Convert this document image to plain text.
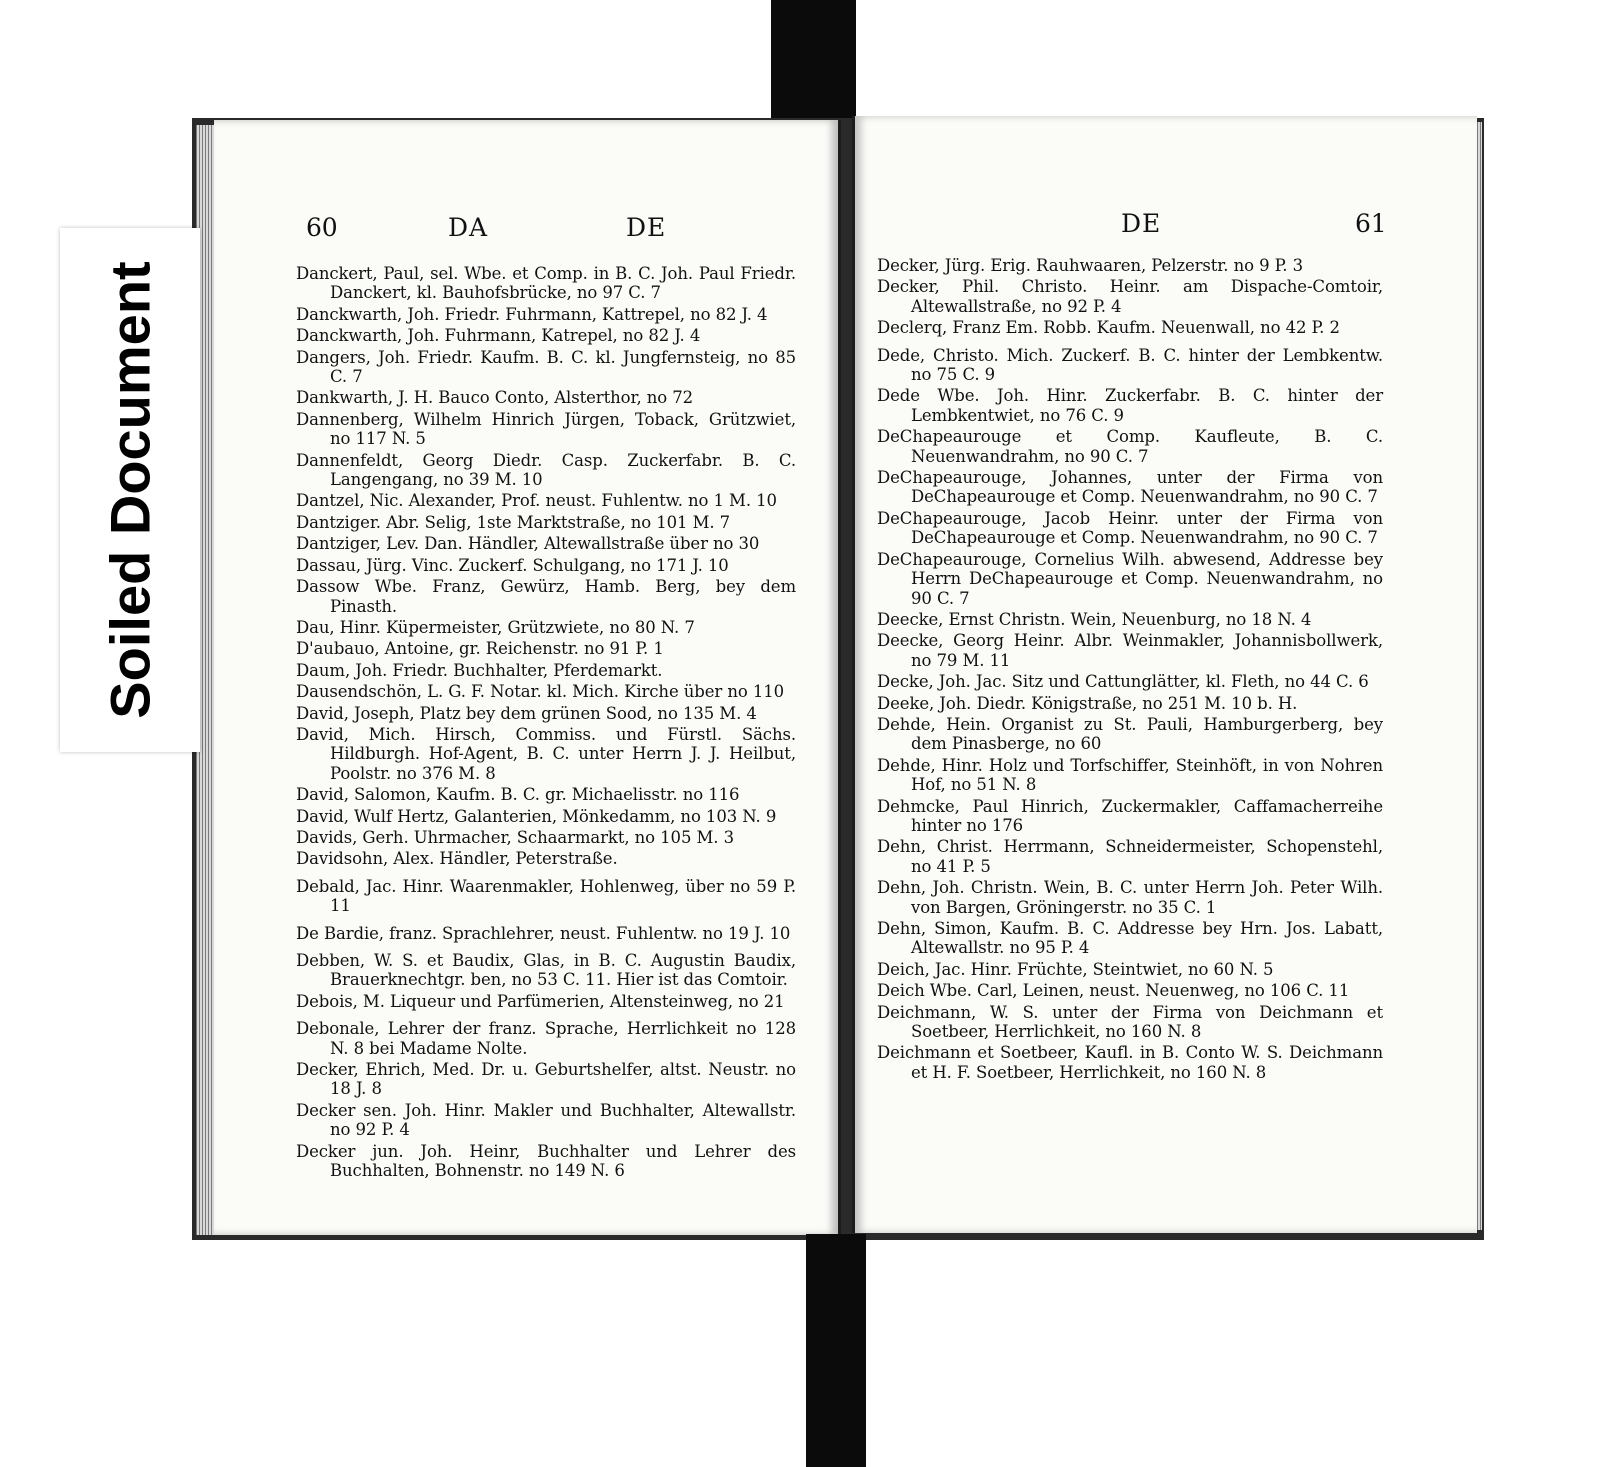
60	DA	DE
Danckert, Paul, sel. Wbe. et Comp. in B. C. Joh. Paul Friedr. Danckert, kl. Bauhofsbrücke, no 97 C. 7
Danckwarth, Joh. Friedr. Fuhrmann, Kattrepel, no 82 J. 4
Danckwarth, Joh. Fuhrmann, Katrepel, no 82 J. 4
Dangers, Joh. Friedr. Kaufm. B. C. kl. Jungfernsteig, no 85 C. 7
Dankwarth, J. H. Bauco Conto, Alsterthor, no 72
Dannenberg, Wilhelm Hinrich Jürgen, Toback, Grützwiet, no 117 N. 5
Dannenfeldt, Georg Diedr. Casp. Zuckerfabr. B. C. Langengang, no 39 M. 10
Dantzel, Nic. Alexander, Prof. neust. Fuhlentw. no 1 M. 10
Dantziger. Abr. Selig, 1ste Marktstraße, no 101 M. 7
Dantziger, Lev. Dan. Händler, Altewallstraße über no 30
Dassau, Jürg. Vinc. Zuckerf. Schulgang, no 171 J. 10
Dassow Wbe. Franz, Gewürz, Hamb. Berg, bey dem Pinasth.
Dau, Hinr. Küpermeister, Grützwiete, no 80 N. 7
D'aubauo, Antoine, gr. Reichenstr. no 91 P. 1
Daum, Joh. Friedr. Buchhalter, Pferdemarkt.
Dausendschön, L. G. F. Notar. kl. Mich. Kirche über no 110
David, Joseph, Platz bey dem grünen Sood, no 135 M. 4
David, Mich. Hirsch, Commiss. und Fürstl. Sächs. Hildburgh. Hof-Agent, B. C. unter Herrn J. J. Heilbut, Poolstr. no 376 M. 8
David, Salomon, Kaufm. B. C. gr. Michaelisstr. no 116
David, Wulf Hertz, Galanterien, Mönkedamm, no 103 N. 9
Davids, Gerh. Uhrmacher, Schaarmarkt, no 105 M. 3
Davidsohn, Alex. Händler, Peterstraße.
Debald, Jac. Hinr. Waarenmakler, Hohlenweg, über no 59 P. 11
De Bardie, franz. Sprachlehrer, neust. Fuhlentw. no 19 J. 10
Debben, W. S. et Baudix, Glas, in B. C. Augustin Baudix, Brauerknechtgr. ben, no 53 C. 11. Hier ist das Comtoir.
Debois, M. Liqueur und Parfümerien, Altensteinweg, no 21
Debonale, Lehrer der franz. Sprache, Herrlichkeit no 128 N. 8 bei Madame Nolte.
Decker, Ehrich, Med. Dr. u. Geburtshelfer, altst. Neustr. no 18 J. 8
Decker sen. Joh. Hinr. Makler und Buchhalter, Altewallstr. no 92 P. 4
Decker jun. Joh. Heinr, Buchhalter und Lehrer des Buchhalten, Bohnenstr. no 149 N. 6
DE	61
Decker, Jürg. Erig. Rauhwaaren, Pelzerstr. no 9 P. 3
Decker, Phil. Christo. Heinr. am Dispache-Comtoir, Altewallstraße, no 92 P. 4
Declerq, Franz Em. Robb. Kaufm. Neuenwall, no 42 P. 2
Dede, Christo. Mich. Zuckerf. B. C. hinter der Lembkentw. no 75 C. 9
Dede Wbe. Joh. Hinr. Zuckerfabr. B. C. hinter der Lembkentwiet, no 76 C. 9
DeChapeaurouge et Comp. Kaufleute, B. C. Neuenwandrahm, no 90 C. 7
DeChapeaurouge, Johannes, unter der Firma von DeChapeaurouge et Comp. Neuenwandrahm, no 90 C. 7
DeChapeaurouge, Jacob Heinr. unter der Firma von DeChapeaurouge et Comp. Neuenwandrahm, no 90 C. 7
DeChapeaurouge, Cornelius Wilh. abwesend, Addresse bey Herrn DeChapeaurouge et Comp. Neuenwandrahm, no 90 C. 7
Deecke, Ernst Christn. Wein, Neuenburg, no 18 N. 4
Deecke, Georg Heinr. Albr. Weinmakler, Johannisbollwerk, no 79 M. 11
Decke, Joh. Jac. Sitz und Cattunglätter, kl. Fleth, no 44 C. 6
Deeke, Joh. Diedr. Königstraße, no 251 M. 10 b. H.
Dehde, Hein. Organist zu St. Pauli, Hamburgerberg, bey dem Pinasberge, no 60
Dehde, Hinr. Holz und Torfschiffer, Steinhöft, in von Nohren Hof, no 51 N. 8
Dehmcke, Paul Hinrich, Zuckermakler, Caffamacherreihe hinter no 176
Dehn, Christ. Herrmann, Schneidermeister, Schopenstehl, no 41 P. 5
Dehn, Joh. Christn. Wein, B. C. unter Herrn Joh. Peter Wilh. von Bargen, Gröningerstr. no 35 C. 1
Dehn, Simon, Kaufm. B. C. Addresse bey Hrn. Jos. Labatt, Altewallstr. no 95 P. 4
Deich, Jac. Hinr. Früchte, Steintwiet, no 60 N. 5
Deich Wbe. Carl, Leinen, neust. Neuenweg, no 106 C. 11
Deichmann, W. S. unter der Firma von Deichmann et Soetbeer, Herrlichkeit, no 160 N. 8
Deichmann et Soetbeer, Kaufl. in B. Conto W. S. Deichmann et H. F. Soetbeer, Herrlichkeit, no 160 N. 8
Soiled Document
